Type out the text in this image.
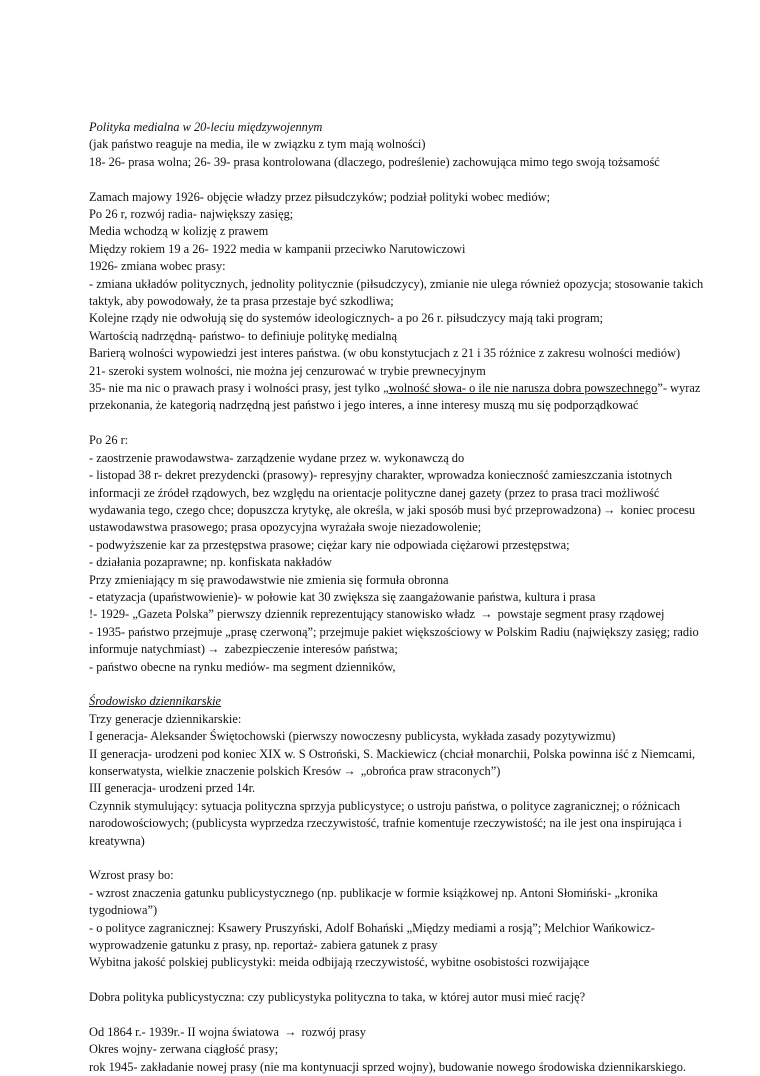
Polityka medialna w 20-leciu międzywojennym
(jak państwo reaguje na media, ile w związku z tym mają wolności)
18- 26- prasa wolna; 26- 39- prasa kontrolowana (dlaczego, podreślenie) zachowująca mimo tego swoją tożsamość
Zamach majowy 1926- objęcie władzy przez piłsudczyków; podział polityki wobec mediów;
Po 26 r, rozwój radia- największy zasięg;
Media wchodzą w kolizję z prawem
Między rokiem 19 a 26- 1922 media w kampanii przeciwko Narutowiczowi
1926- zmiana wobec prasy:
- zmiana układów politycznych, jednolity politycznie (piłsudczycy), zmianie nie ulega również opozycja; stosowanie takich
taktyk, aby powodowały, że ta prasa przestaje być szkodliwa;
Kolejne rządy nie odwołują się do systemów ideologicznych- a po 26 r. piłsudczycy mają taki program;
Wartością nadrzędną- państwo- to definiuje politykę medialną
Barierą wolności wypowiedzi jest interes państwa. (w obu konstytucjach z 21 i 35 różnice z zakresu wolności mediów)
21- szeroki system wolności, nie można jej cenzurować w trybie prewnecyjnym
35- nie ma nic o prawach prasy i wolności prasy, jest tylko „wolność słowa- o ile nie narusza dobra powszechnego”- wyraz
przekonania, że kategorią nadrzędną jest państwo i jego interes, a inne interesy muszą mu się podporządkować
Po 26 r:
- zaostrzenie prawodawstwa- zarządzenie wydane przez w. wykonawczą do
- listopad 38 r- dekret prezydencki (prasowy)- represyjny charakter, wprowadza konieczność zamieszczania istotnych
informacji ze źródeł rządowych, bez względu na orientacje polityczne danej gazety (przez to prasa traci możliwość
wydawania tego, czego chce; dopuszcza krytykę, ale określa, w jaki sposób musi być przeprowadzona) → koniec procesu
ustawodawstwa prasowego; prasa opozycyjna wyrażała swoje niezadowolenie;
- podwyższenie kar za przestępstwa prasowe; ciężar kary nie odpowiada ciężarowi przestępstwa;
- działania pozaprawne; np. konfiskata nakładów
Przy zmieniający m się prawodawstwie nie zmienia się formuła obronna
- etatyzacja (upaństwowienie)- w połowie kat 30 zwiększa się zaangażowanie państwa, kultura i prasa
!- 1929- „Gazeta Polska” pierwszy dziennik reprezentujący stanowisko władz → powstaje segment prasy rządowej
- 1935- państwo przejmuje „prasę czerwoną”; przejmuje pakiet większościowy w Polskim Radiu (największy zasięg; radio
informuje natychmiast) → zabezpieczenie interesów państwa;
- państwo obecne na rynku mediów- ma segment dzienników,
Środowisko dziennikarskie
Trzy generacje dziennikarskie:
I generacja- Aleksander Świętochowski (pierwszy nowoczesny publicysta, wykłada zasady pozytywizmu)
II generacja- urodzeni pod koniec XIX w. S Ostroński, S. Mackiewicz (chciał monarchii, Polska powinna iść z Niemcami,
konserwatysta, wielkie znaczenie polskich Kresów → „obrońca praw straconych”)
III generacja- urodzeni przed 14r.
Czynnik stymulujący: sytuacja polityczna sprzyja publicystyce; o ustroju państwa, o polityce zagranicznej; o różnicach
narodowościowych; (publicysta wyprzedza rzeczywistość, trafnie komentuje rzeczywistość; na ile jest ona inspirująca i
kreatywna)
Wzrost prasy bo:
- wzrost znaczenia gatunku publicystycznego (np. publikacje w formie książkowej np. Antoni Słomiński- „kronika
tygodniowa”)
- o polityce zagranicznej: Ksawery Pruszyński, Adolf Bohański „Między mediami a rosją”; Melchior Wańkowicz-
wyprowadzenie gatunku z prasy, np. reportaż- zabiera gatunek z prasy
Wybitna jakość polskiej publicystyki: meida odbijają rzeczywistość, wybitne osobistości rozwijające
Dobra polityka publicystyczna: czy publicystyka polityczna to taka, w której autor musi mieć rację?
Od 1864 r.- 1939r.- II wojna światowa → rozwój prasy
Okres wojny- zerwana ciągłość prasy;
rok 1945- zakładanie nowej prasy (nie ma kontynuacji sprzed wojny), budowanie nowego środowiska dziennikarskiego.
